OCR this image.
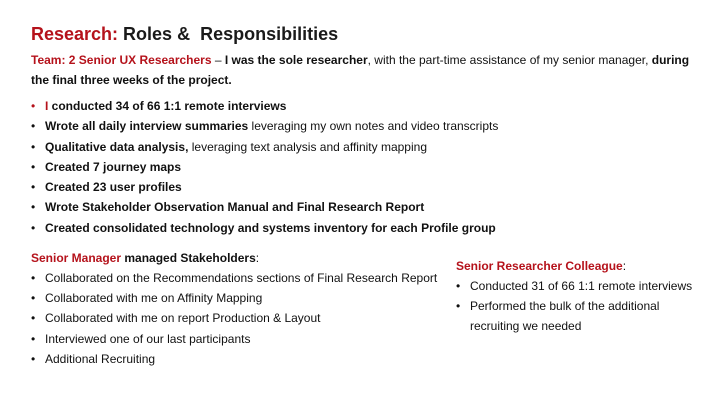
Research: Roles &  Responsibilities

Team: 2 Senior UX Researchers – I was the sole researcher, with the part-time assistance of my senior manager, during the final three weeks of the project.

• I conducted 34 of 66 1:1 remote interviews
• Wrote all daily interview summaries leveraging my own notes and video transcripts
• Qualitative data analysis, leveraging text analysis and affinity mapping
• Created 7 journey maps
• Created 23 user profiles
• Wrote Stakeholder Observation Manual and Final Research Report
• Created consolidated technology and systems inventory for each Profile group

Senior Manager managed Stakeholders:

• Collaborated on the Recommendations sections of Final Research Report
• Collaborated with me on Affinity Mapping
• Collaborated with me on report Production & Layout
• Interviewed one of our last participants
• Additional Recruiting

Senior Researcher Colleague:

• Conducted 31 of 66 1:1 remote interviews
• Performed the bulk of the additional recruiting we needed
